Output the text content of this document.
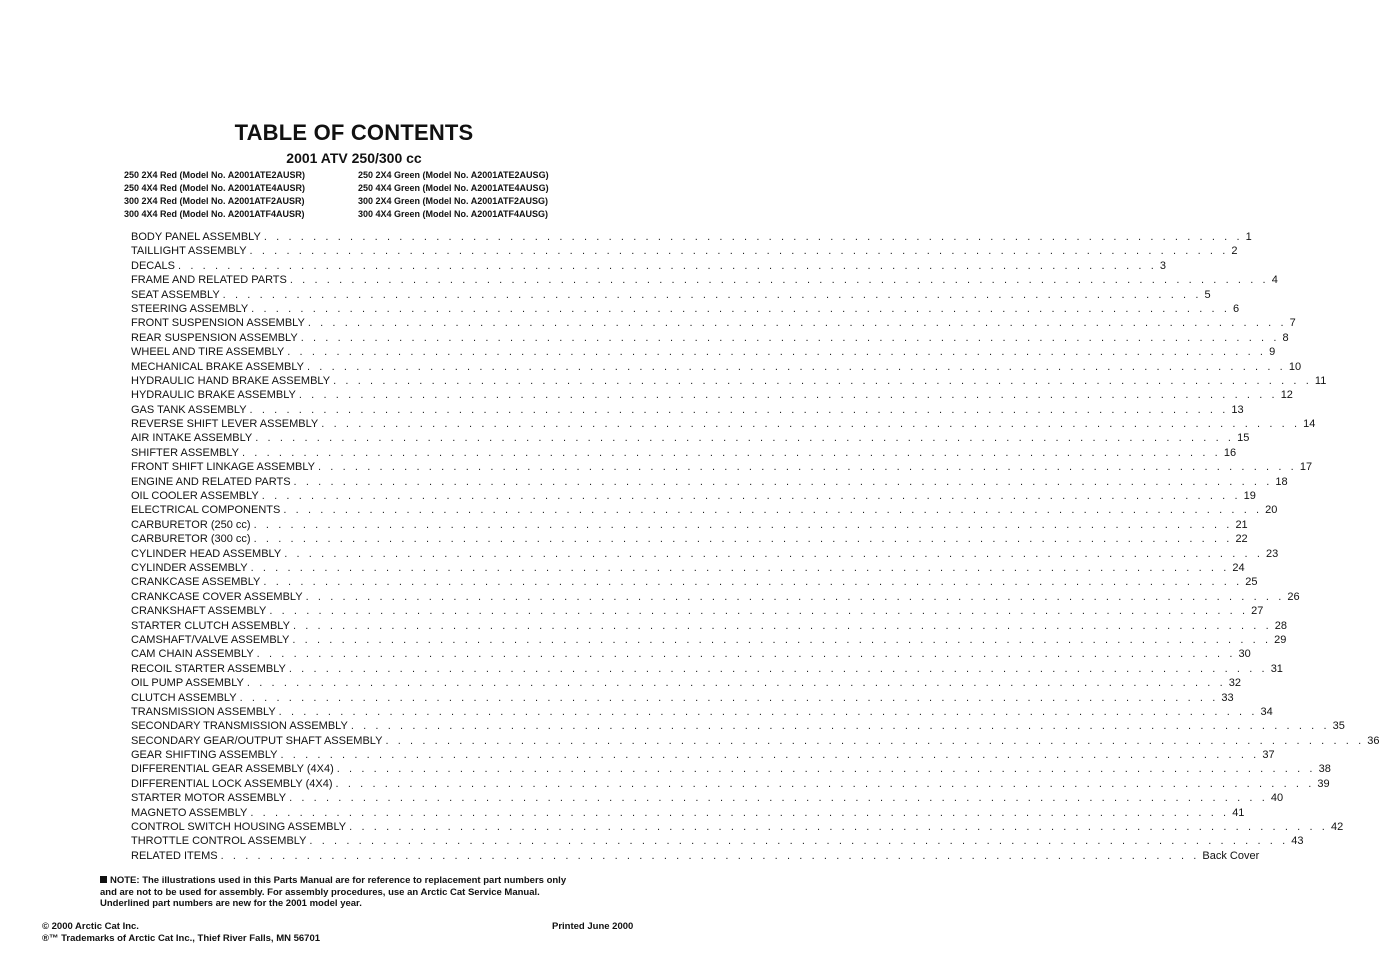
TABLE OF CONTENTS
2001 ATV 250/300 cc
250 2X4 Red (Model No. A2001ATE2AUSR)
250 4X4 Red (Model No. A2001ATE4AUSR)
300 2X4 Red (Model No. A2001ATF2AUSR)
300 4X4 Red (Model No. A2001ATF4AUSR)
250 2X4 Green (Model No. A2001ATE2AUSG)
250 4X4 Green (Model No. A2001ATE4AUSG)
300 2X4 Green (Model No. A2001ATF2AUSG)
300 4X4 Green (Model No. A2001ATF4AUSG)
BODY PANEL ASSEMBLY . . . . . . . . . . . . . . . . . . . . . . . . . . . . . . . . . . . . . . . . . . . . . . . . . . . . . . . . . . . . . . . . . . . . . . . . . . . . . . . . 1
TAILLIGHT ASSEMBLY . . . . . . . . . . . . . . . . . . . . . . . . . . . . . . . . . . . . . . . . . . . . . . . . . . . . . . . . . . . . . . . . . . . . . . . . . . . . . . . . 2
DECALS . . . . . . . . . . . . . . . . . . . . . . . . . . . . . . . . . . . . . . . . . . . . . . . . . . . . . . . . . . . . . . . . . . . . . . . . . . . . . . . . 3
FRAME AND RELATED PARTS . . . . . . . . . . . . . . . . . . . . . . . . . . . . . . . . . . . . . . . . . . . . . . . . . . . . . . . . . . . . . . . . . . . . . . . . . . . . . . . . 4
SEAT ASSEMBLY . . . . . . . . . . . . . . . . . . . . . . . . . . . . . . . . . . . . . . . . . . . . . . . . . . . . . . . . . . . . . . . . . . . . . . . . . . . . . . . . 5
STEERING ASSEMBLY . . . . . . . . . . . . . . . . . . . . . . . . . . . . . . . . . . . . . . . . . . . . . . . . . . . . . . . . . . . . . . . . . . . . . . . . . . . . . . . . 6
FRONT SUSPENSION ASSEMBLY . . . . . . . . . . . . . . . . . . . . . . . . . . . . . . . . . . . . . . . . . . . . . . . . . . . . . . . . . . . . . . . . . . . . . . . . . . . . . . . . 7
REAR SUSPENSION ASSEMBLY . . . . . . . . . . . . . . . . . . . . . . . . . . . . . . . . . . . . . . . . . . . . . . . . . . . . . . . . . . . . . . . . . . . . . . . . . . . . . . . . 8
WHEEL AND TIRE ASSEMBLY . . . . . . . . . . . . . . . . . . . . . . . . . . . . . . . . . . . . . . . . . . . . . . . . . . . . . . . . . . . . . . . . . . . . . . . . . . . . . . . . 9
MECHANICAL BRAKE ASSEMBLY . . . . . . . . . . . . . . . . . . . . . . . . . . . . . . . . . . . . . . . . . . . . . . . . . . . . . . . . . . . . . . . . . . . . . . . . . . . . . . . . 10
HYDRAULIC HAND BRAKE ASSEMBLY . . . . . . . . . . . . . . . . . . . . . . . . . . . . . . . . . . . . . . . . . . . . . . . . . . . . . . . . . . . . . . . . . . . . . . . . . . . . . . . . 11
HYDRAULIC BRAKE ASSEMBLY . . . . . . . . . . . . . . . . . . . . . . . . . . . . . . . . . . . . . . . . . . . . . . . . . . . . . . . . . . . . . . . . . . . . . . . . . . . . . . . . 12
GAS TANK ASSEMBLY . . . . . . . . . . . . . . . . . . . . . . . . . . . . . . . . . . . . . . . . . . . . . . . . . . . . . . . . . . . . . . . . . . . . . . . . . . . . . . . . 13
REVERSE SHIFT LEVER ASSEMBLY . . . . . . . . . . . . . . . . . . . . . . . . . . . . . . . . . . . . . . . . . . . . . . . . . . . . . . . . . . . . . . . . . . . . . . . . . . . . . . . . 14
AIR INTAKE ASSEMBLY . . . . . . . . . . . . . . . . . . . . . . . . . . . . . . . . . . . . . . . . . . . . . . . . . . . . . . . . . . . . . . . . . . . . . . . . . . . . . . . . 15
SHIFTER ASSEMBLY . . . . . . . . . . . . . . . . . . . . . . . . . . . . . . . . . . . . . . . . . . . . . . . . . . . . . . . . . . . . . . . . . . . . . . . . . . . . . . . . 16
FRONT SHIFT LINKAGE ASSEMBLY . . . . . . . . . . . . . . . . . . . . . . . . . . . . . . . . . . . . . . . . . . . . . . . . . . . . . . . . . . . . . . . . . . . . . . . . . . . . . . . . 17
ENGINE AND RELATED PARTS . . . . . . . . . . . . . . . . . . . . . . . . . . . . . . . . . . . . . . . . . . . . . . . . . . . . . . . . . . . . . . . . . . . . . . . . . . . . . . . . 18
OIL COOLER ASSEMBLY . . . . . . . . . . . . . . . . . . . . . . . . . . . . . . . . . . . . . . . . . . . . . . . . . . . . . . . . . . . . . . . . . . . . . . . . . . . . . . . . 19
ELECTRICAL COMPONENTS . . . . . . . . . . . . . . . . . . . . . . . . . . . . . . . . . . . . . . . . . . . . . . . . . . . . . . . . . . . . . . . . . . . . . . . . . . . . . . . . 20
CARBURETOR (250 cc) . . . . . . . . . . . . . . . . . . . . . . . . . . . . . . . . . . . . . . . . . . . . . . . . . . . . . . . . . . . . . . . . . . . . . . . . . . . . . . . . 21
CARBURETOR (300 cc) . . . . . . . . . . . . . . . . . . . . . . . . . . . . . . . . . . . . . . . . . . . . . . . . . . . . . . . . . . . . . . . . . . . . . . . . . . . . . . . . 22
CYLINDER HEAD ASSEMBLY . . . . . . . . . . . . . . . . . . . . . . . . . . . . . . . . . . . . . . . . . . . . . . . . . . . . . . . . . . . . . . . . . . . . . . . . . . . . . . . . 23
CYLINDER ASSEMBLY . . . . . . . . . . . . . . . . . . . . . . . . . . . . . . . . . . . . . . . . . . . . . . . . . . . . . . . . . . . . . . . . . . . . . . . . . . . . . . . . 24
CRANKCASE ASSEMBLY . . . . . . . . . . . . . . . . . . . . . . . . . . . . . . . . . . . . . . . . . . . . . . . . . . . . . . . . . . . . . . . . . . . . . . . . . . . . . . . . 25
CRANKCASE COVER ASSEMBLY . . . . . . . . . . . . . . . . . . . . . . . . . . . . . . . . . . . . . . . . . . . . . . . . . . . . . . . . . . . . . . . . . . . . . . . . . . . . . . . . 26
CRANKSHAFT ASSEMBLY . . . . . . . . . . . . . . . . . . . . . . . . . . . . . . . . . . . . . . . . . . . . . . . . . . . . . . . . . . . . . . . . . . . . . . . . . . . . . . . . 27
STARTER CLUTCH ASSEMBLY . . . . . . . . . . . . . . . . . . . . . . . . . . . . . . . . . . . . . . . . . . . . . . . . . . . . . . . . . . . . . . . . . . . . . . . . . . . . . . . . 28
CAMSHAFT/VALVE ASSEMBLY . . . . . . . . . . . . . . . . . . . . . . . . . . . . . . . . . . . . . . . . . . . . . . . . . . . . . . . . . . . . . . . . . . . . . . . . . . . . . . . . 29
CAM CHAIN ASSEMBLY . . . . . . . . . . . . . . . . . . . . . . . . . . . . . . . . . . . . . . . . . . . . . . . . . . . . . . . . . . . . . . . . . . . . . . . . . . . . . . . . 30
RECOIL STARTER ASSEMBLY . . . . . . . . . . . . . . . . . . . . . . . . . . . . . . . . . . . . . . . . . . . . . . . . . . . . . . . . . . . . . . . . . . . . . . . . . . . . . . . . 31
OIL PUMP ASSEMBLY . . . . . . . . . . . . . . . . . . . . . . . . . . . . . . . . . . . . . . . . . . . . . . . . . . . . . . . . . . . . . . . . . . . . . . . . . . . . . . . . 32
CLUTCH ASSEMBLY . . . . . . . . . . . . . . . . . . . . . . . . . . . . . . . . . . . . . . . . . . . . . . . . . . . . . . . . . . . . . . . . . . . . . . . . . . . . . . . . 33
TRANSMISSION ASSEMBLY . . . . . . . . . . . . . . . . . . . . . . . . . . . . . . . . . . . . . . . . . . . . . . . . . . . . . . . . . . . . . . . . . . . . . . . . . . . . . . . . 34
SECONDARY TRANSMISSION ASSEMBLY . . . . . . . . . . . . . . . . . . . . . . . . . . . . . . . . . . . . . . . . . . . . . . . . . . . . . . . . . . . . . . . . . . . . . . . . . . . . . . . . 35
SECONDARY GEAR/OUTPUT SHAFT ASSEMBLY . . . . . . . . . . . . . . . . . . . . . . . . . . . . . . . . . . . . . . . . . . . . . . . . . . . . . . . . . . . . . . . . . . . . . . . . . . . . . . . . 36
GEAR SHIFTING ASSEMBLY . . . . . . . . . . . . . . . . . . . . . . . . . . . . . . . . . . . . . . . . . . . . . . . . . . . . . . . . . . . . . . . . . . . . . . . . . . . . . . . . 37
DIFFERENTIAL GEAR ASSEMBLY (4X4) . . . . . . . . . . . . . . . . . . . . . . . . . . . . . . . . . . . . . . . . . . . . . . . . . . . . . . . . . . . . . . . . . . . . . . . . . . . . . . . . 38
DIFFERENTIAL LOCK ASSEMBLY (4X4) . . . . . . . . . . . . . . . . . . . . . . . . . . . . . . . . . . . . . . . . . . . . . . . . . . . . . . . . . . . . . . . . . . . . . . . . . . . . . . . . 39
STARTER MOTOR ASSEMBLY . . . . . . . . . . . . . . . . . . . . . . . . . . . . . . . . . . . . . . . . . . . . . . . . . . . . . . . . . . . . . . . . . . . . . . . . . . . . . . . . 40
MAGNETO ASSEMBLY . . . . . . . . . . . . . . . . . . . . . . . . . . . . . . . . . . . . . . . . . . . . . . . . . . . . . . . . . . . . . . . . . . . . . . . . . . . . . . . . 41
CONTROL SWITCH HOUSING ASSEMBLY . . . . . . . . . . . . . . . . . . . . . . . . . . . . . . . . . . . . . . . . . . . . . . . . . . . . . . . . . . . . . . . . . . . . . . . . . . . . . . . . 42
THROTTLE CONTROL ASSEMBLY . . . . . . . . . . . . . . . . . . . . . . . . . . . . . . . . . . . . . . . . . . . . . . . . . . . . . . . . . . . . . . . . . . . . . . . . . . . . . . . . 43
RELATED ITEMS . . . . . . . . . . . . . . . . . . . . . . . . . . . . . . . . . . . . . . . . . . . . . . . . . . . . . . . . . . . . . . . . . . . . . . . . . . . . . . . . Back Cover
NOTE: The illustrations used in this Parts Manual are for reference to replacement part numbers only
and are not to be used for assembly. For assembly procedures, use an Arctic Cat Service Manual.
Underlined part numbers are new for the 2001 model year.
© 2000 Arctic Cat Inc.
®™ Trademarks of Arctic Cat Inc., Thief River Falls, MN 56701
Printed June 2000
